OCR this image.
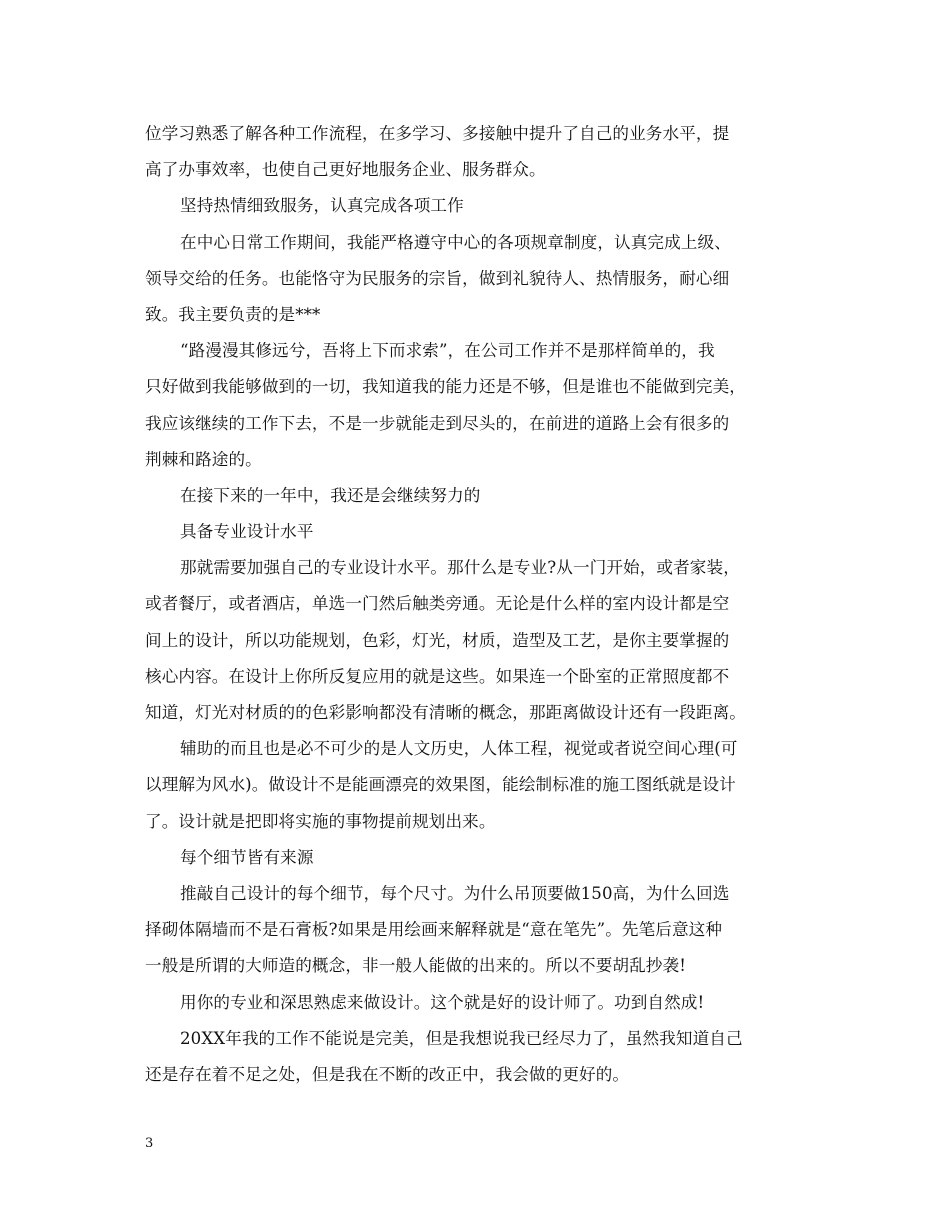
位学习熟悉了解各种工作流程，在多学习、多接触中提升了自己的业务水平，提
高了办事效率，也使自己更好地服务企业、服务群众。
坚持热情细致服务，认真完成各项工作
在中心日常工作期间，我能严格遵守中心的各项规章制度，认真完成上级、
领导交给的任务。也能恪守为民服务的宗旨，做到礼貌待人、热情服务，耐心细
致。我主要负责的是***
“路漫漫其修远兮，吾将上下而求索”，在公司工作并不是那样简单的，我
只好做到我能够做到的一切，我知道我的能力还是不够，但是谁也不能做到完美，
我应该继续的工作下去，不是一步就能走到尽头的，在前进的道路上会有很多的
荆棘和路途的。
在接下来的一年中，我还是会继续努力的
具备专业设计水平
那就需要加强自己的专业设计水平。那什么是专业?从一门开始，或者家装，
或者餐厅，或者酒店，单选一门然后触类旁通。无论是什么样的室内设计都是空
间上的设计，所以功能规划，色彩，灯光，材质，造型及工艺，是你主要掌握的
核心内容。在设计上你所反复应用的就是这些。如果连一个卧室的正常照度都不
知道，灯光对材质的的色彩影响都没有清晰的概念，那距离做设计还有一段距离。
辅助的而且也是必不可少的是人文历史，人体工程，视觉或者说空间心理(可
以理解为风水)。做设计不是能画漂亮的效果图，能绘制标准的施工图纸就是设计
了。设计就是把即将实施的事物提前规划出来。
每个细节皆有来源
推敲自己设计的每个细节，每个尺寸。为什么吊顶要做150高，为什么回选
择砌体隔墙而不是石膏板?如果是用绘画来解释就是“意在笔先”。先笔后意这种
一般是所谓的大师造的概念，非一般人能做的出来的。所以不要胡乱抄袭!
用你的专业和深思熟虑来做设计。这个就是好的设计师了。功到自然成!
20XX年我的工作不能说是完美，但是我想说我已经尽力了，虽然我知道自己
还是存在着不足之处，但是我在不断的改正中，我会做的更好的。
3
